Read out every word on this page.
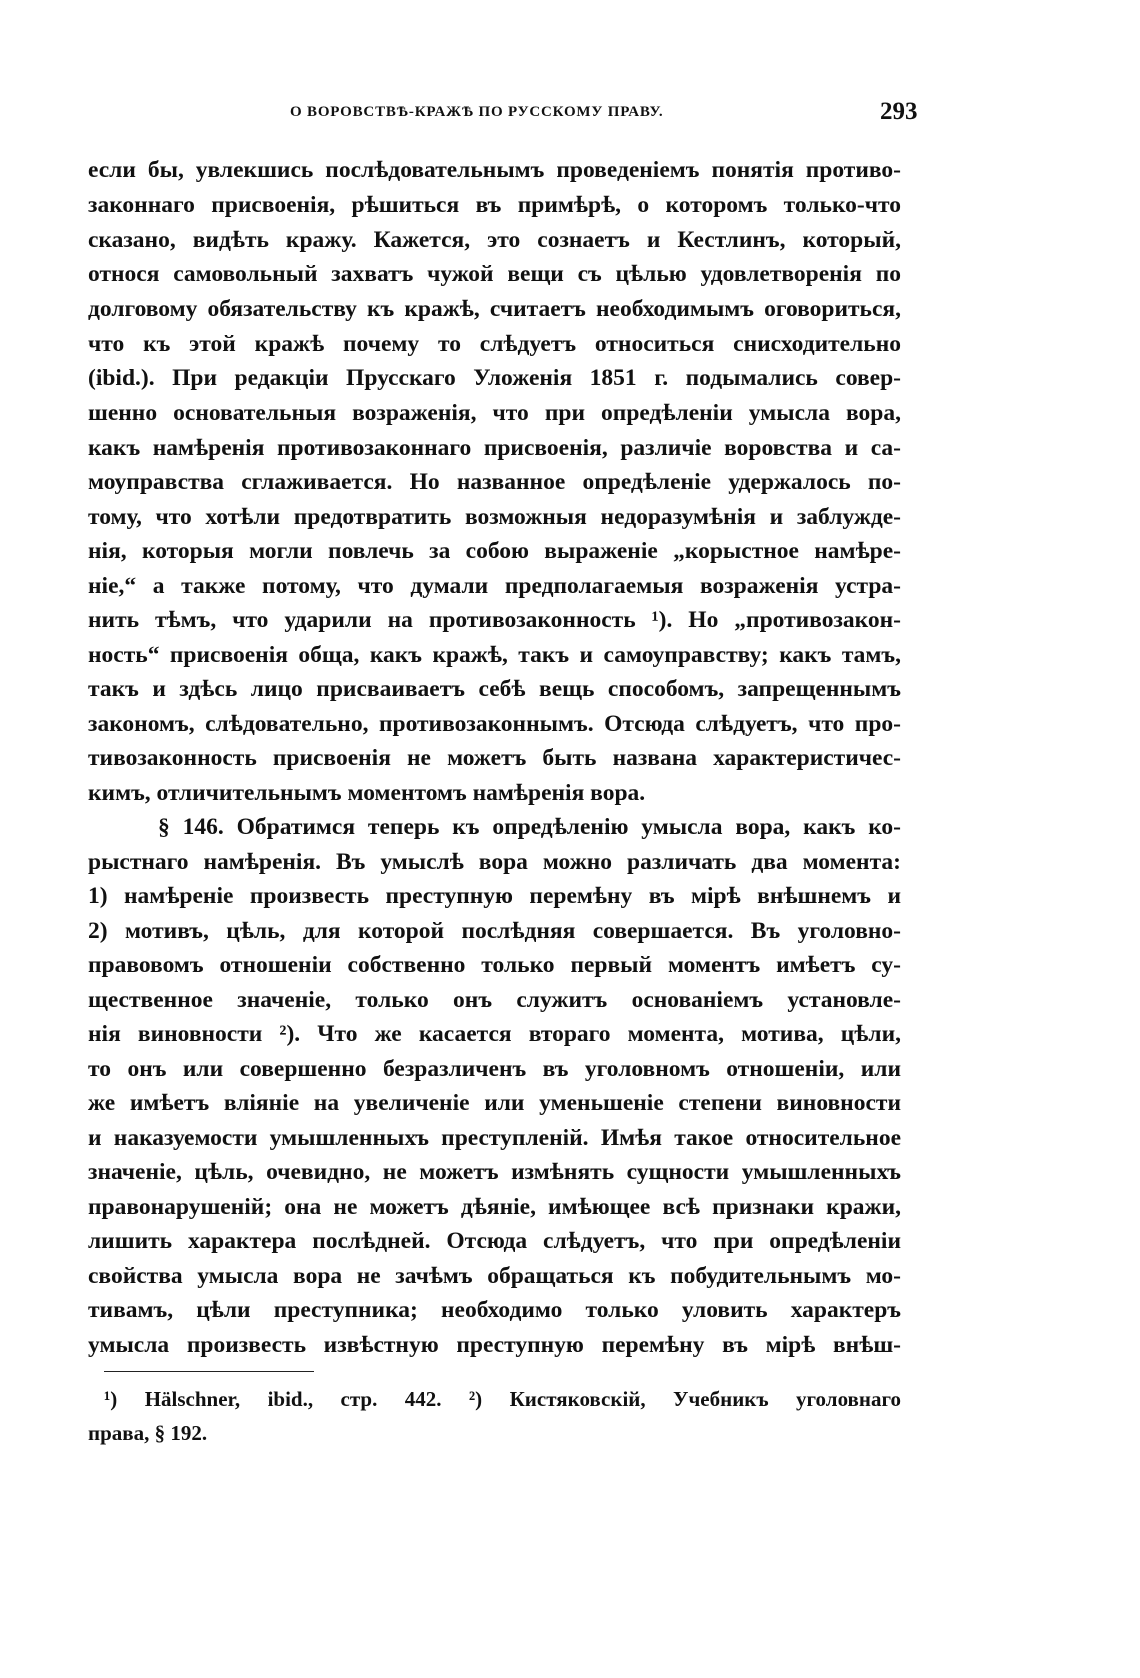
О ВОРОВСТВѢ-КРАЖѢ ПО РУССКОМУ ПРАВУ.	293
если бы, увлекшись послѣдовательнымъ проведеніемъ понятія противо-
законнаго присвоенія, рѣшиться въ примѣрѣ, о которомъ только-что
сказано, видѣть кражу. Кажется, это сознаетъ и Кестлинъ, который,
относя самовольный захватъ чужой вещи съ цѣлью удовлетворенія по
долговому обязательству къ кражѣ, считаетъ необходимымъ оговориться,
что къ этой кражѣ почему то слѣдуетъ относиться снисходительно
(ibid.). При редакціи Прусскаго Уложенія 1851 г. подымались совер-
шенно основательныя возраженія, что при опредѣленіи умысла вора,
какъ намѣренія противозаконнаго присвоенія, различіе воровства и са-
моуправства сглаживается. Но названное опредѣленіе удержалось по-
тому, что хотѣли предотвратить возможныя недоразумѣнія и заблужде-
нія, которыя могли повлечь за собою выраженіе „корыстное намѣре-
ніе,“ а также потому, что думали предполагаемыя возраженія устра-
нить тѣмъ, что ударили на противозаконность ¹). Но „противозакон-
ность“ присвоенія обща, какъ кражѣ, такъ и самоуправству; какъ тамъ,
такъ и здѣсь лицо присваиваетъ себѣ вещь способомъ, запрещеннымъ
закономъ, слѣдовательно, противозаконнымъ. Отсюда слѣдуетъ, что про-
тивозаконность присвоенія не можетъ быть названа характеристичес-
кимъ, отличительнымъ моментомъ намѣренія вора.
§ 146. Обратимся теперь къ опредѣленію умысла вора, какъ ко-
рыстнаго намѣренія. Въ умыслѣ вора можно различать два момента:
1) намѣреніе произвесть преступную перемѣну въ мірѣ внѣшнемъ и
2) мотивъ, цѣль, для которой послѣдняя совершается. Въ уголовно-
правовомъ отношеніи собственно только первый моментъ имѣетъ су-
щественное значеніе, только онъ служитъ основаніемъ установле-
нія виновности ²). Что же касается втораго момента, мотива, цѣли,
то онъ или совершенно безразличенъ въ уголовномъ отношеніи, или
же имѣетъ вліяніе на увеличеніе или уменьшеніе степени виновности
и наказуемости умышленныхъ преступленій. Имѣя такое относительное
значеніе, цѣль, очевидно, не можетъ измѣнять сущности умышленныхъ
правонарушеній; она не можетъ дѣяніе, имѣющее всѣ признаки кражи,
лишить характера послѣдней. Отсюда слѣдуетъ, что при опредѣленіи
свойства умысла вора не зачѣмъ обращаться къ побудительнымъ мо-
тивамъ, цѣли преступника; необходимо только уловить характеръ
умысла произвесть извѣстную преступную перемѣну въ мірѣ внѣш-
¹) Hälschner, ibid., стр. 442. ²) Кистяковскій, Учебникъ уголовнаго
права, § 192.
